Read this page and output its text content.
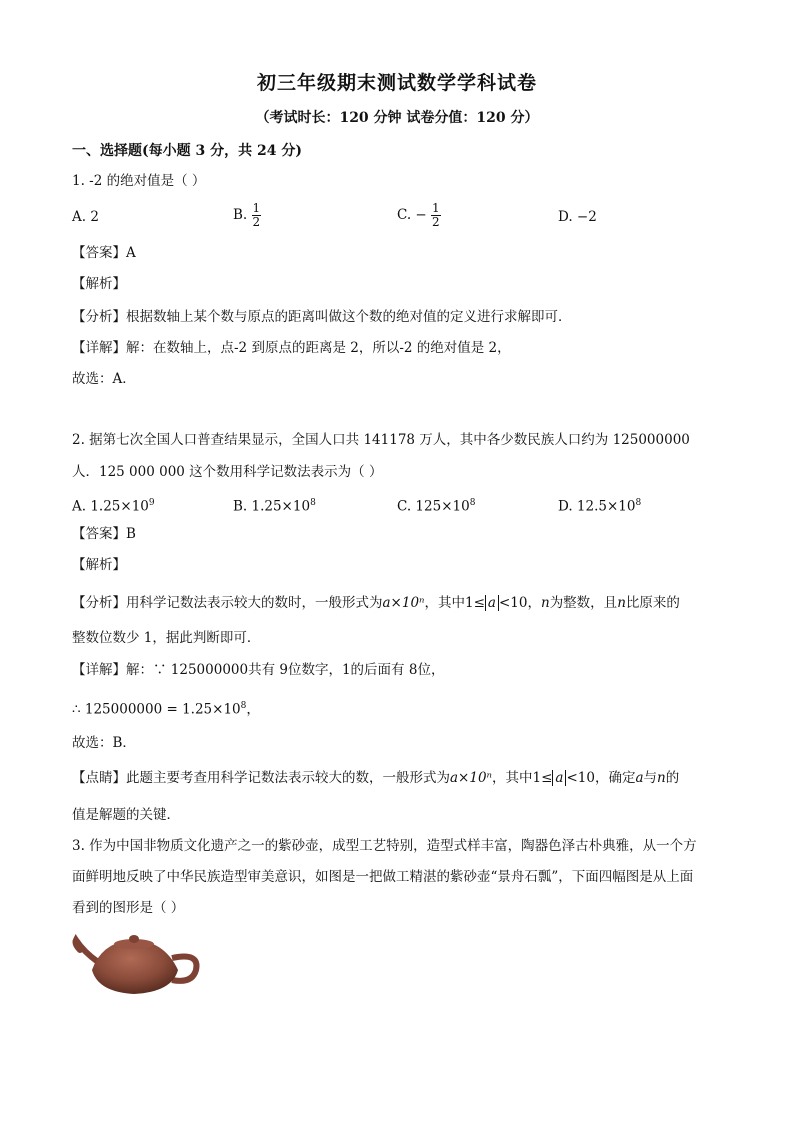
初三年级期末测试数学学科试卷
（考试时长：120 分钟 试卷分值：120 分）
一、选择题(每小题 3 分，共 24 分)
1. -2 的绝对值是（ ）
A. 2	B. $\frac{1}{2}$	C. − $\frac{1}{2}$	D. −2
【答案】A
【解析】
【分析】根据数轴上某个数与原点的距离叫做这个数的绝对值的定义进行求解即可．
【详解】解：在数轴上，点-2 到原点的距离是 2，所以-2 的绝对值是 2，
故选：A．
2. 据第七次全国人口普查结果显示，全国人口共 141178 万人，其中各少数民族人口约为 125000000
人．125 000 000 这个数用科学记数法表示为（ ）
A. $1.25\times 10^9$	B. $1.25\times 10^8$	C. $125\times 10^8$	D. $12.5\times 10^8$
【答案】B
【解析】
【分析】用科学记数法表示较大的数时，一般形式为a×10ⁿ，其中1≤ a <10，n为整数，且n比原来的
整数位数少 1，据此判断即可．
【详解】解：∵ 125000000共有 9位数字，1的后面有 8位，
∴ $125000000 = 1.25\times 10^8$，
故选：B．
【点睛】此题主要考查用科学记数法表示较大的数，一般形式为a×10ⁿ，其中1≤ a <10，确定a与n的
值是解题的关键．
3. 作为中国非物质文化遗产之一的紫砂壶，成型工艺特别，造型式样丰富，陶器色泽古朴典雅，从一个方
面鲜明地反映了中华民族造型审美意识，如图是一把做工精湛的紫砂壶“景舟石瓢”，下面四幅图是从上面
看到的图形是（ ）
